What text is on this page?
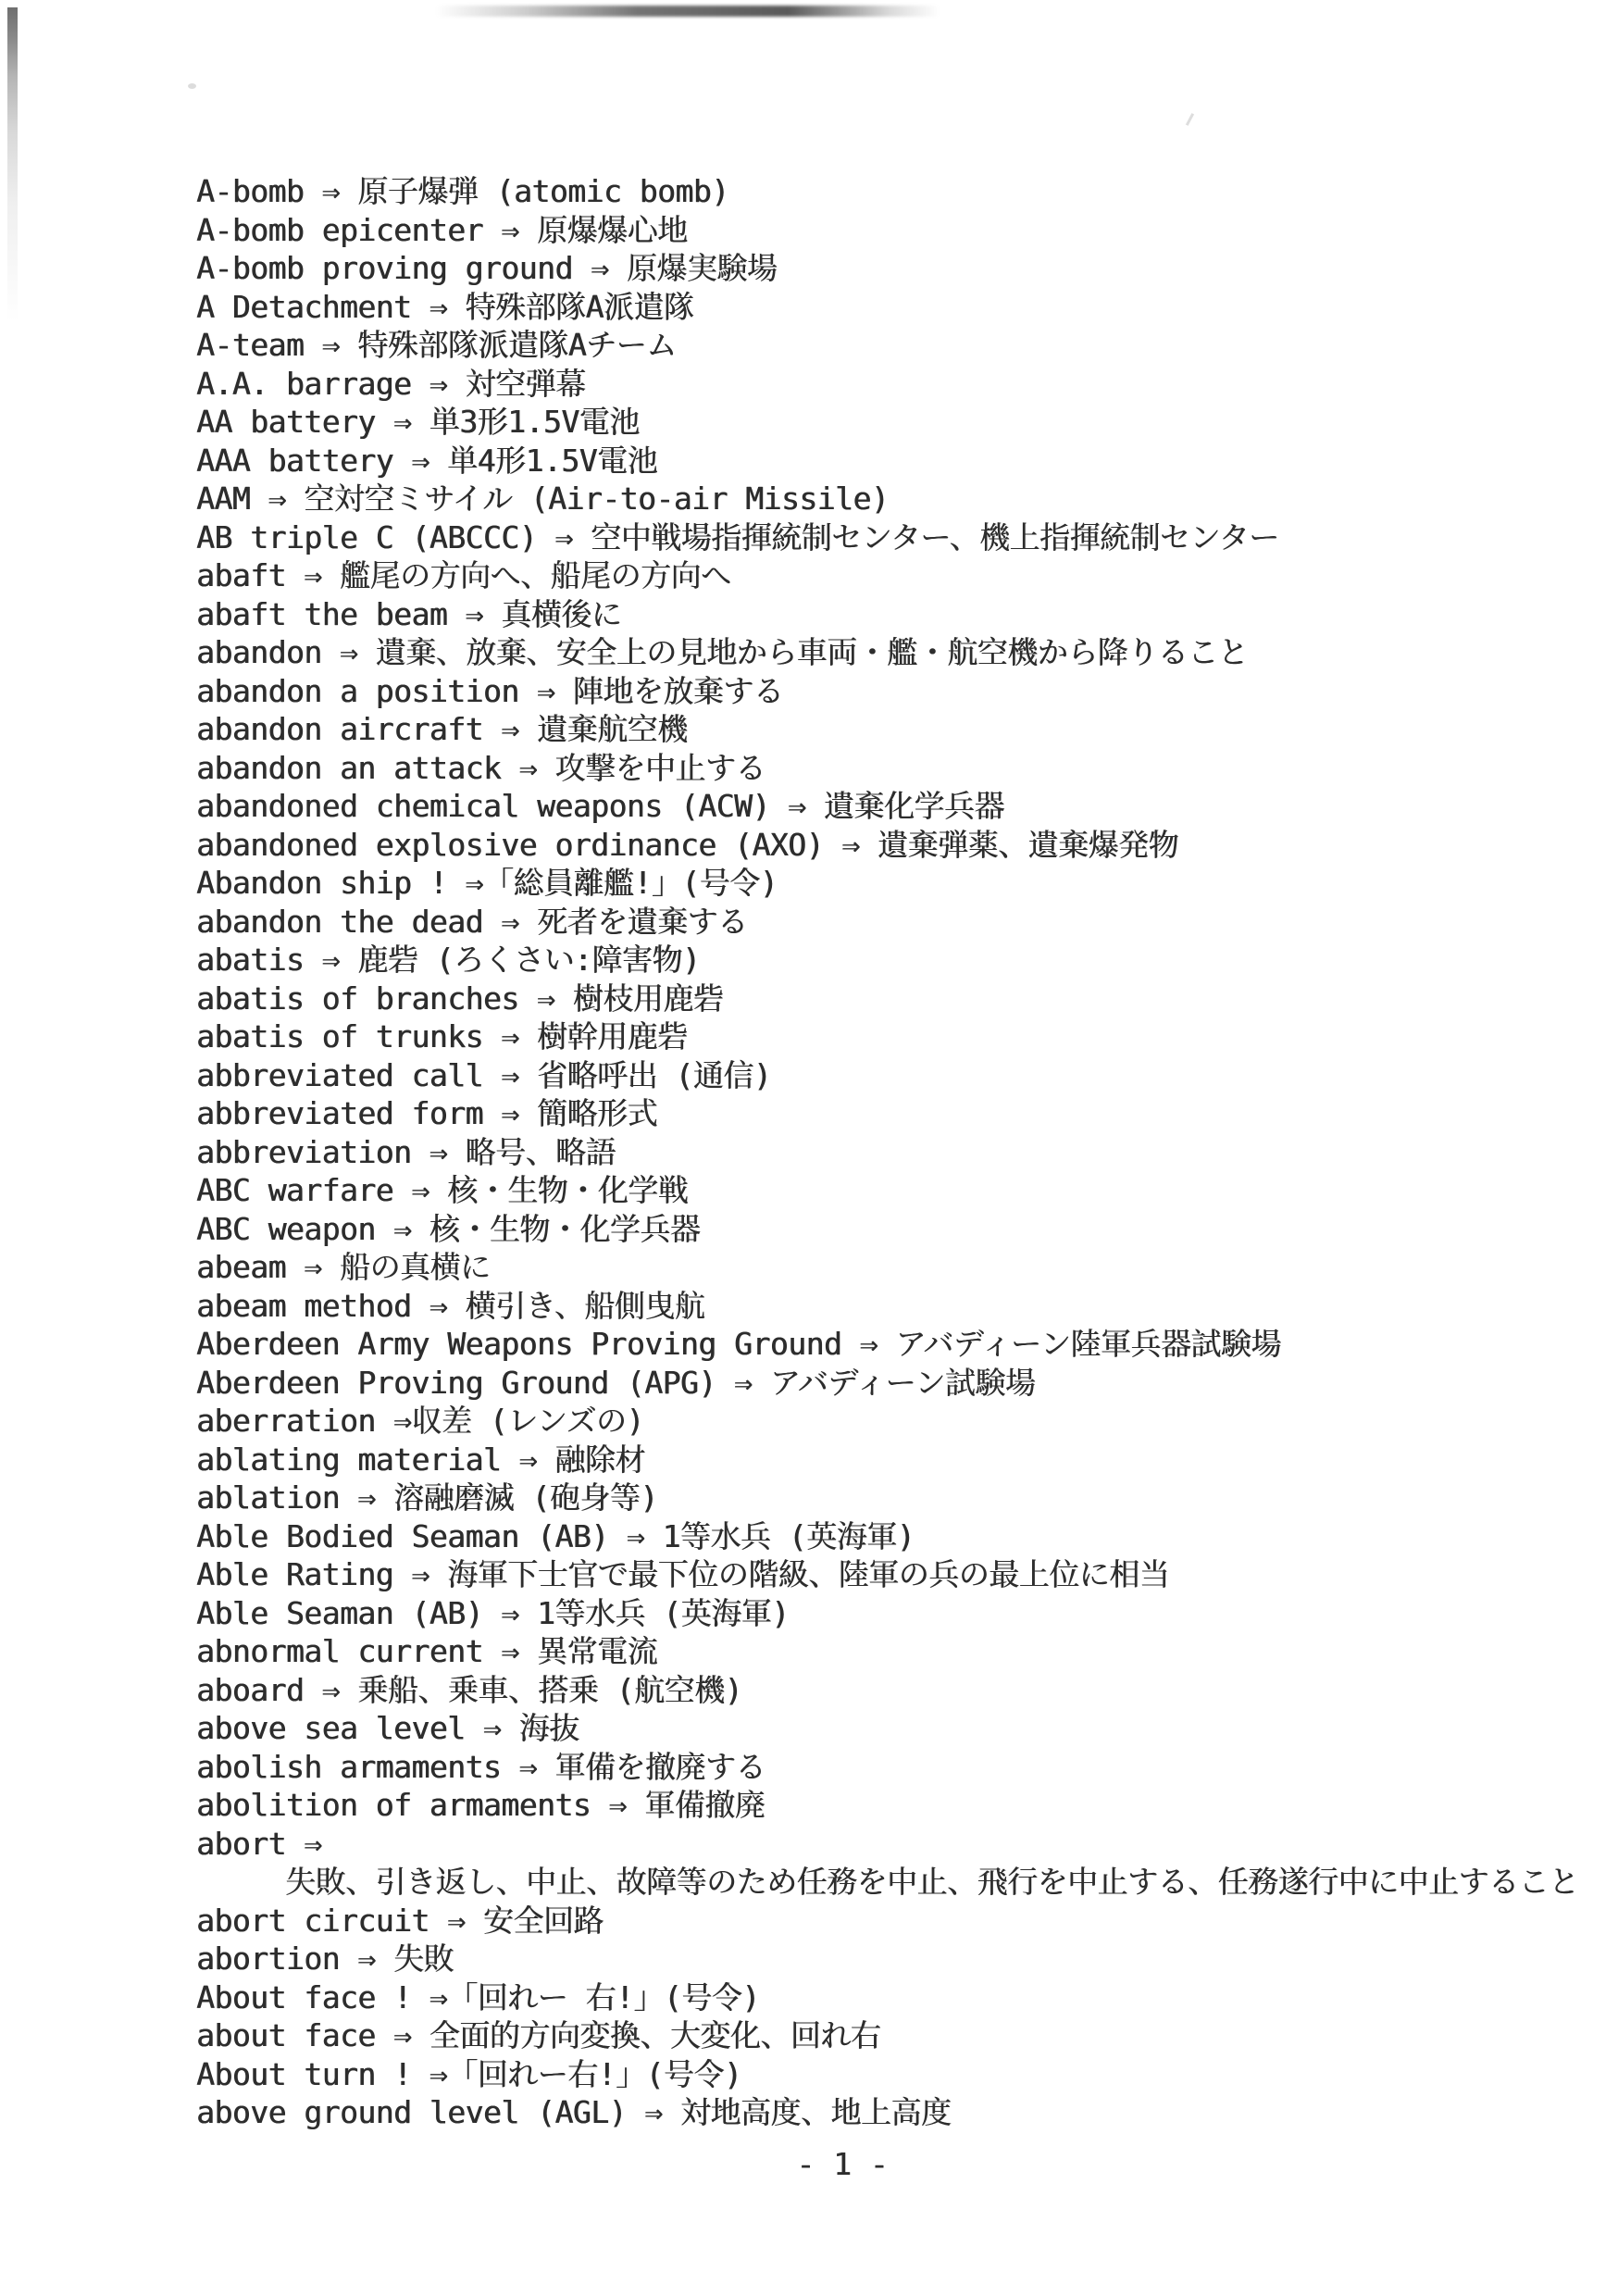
A-bomb ⇒ 原子爆弾 (atomic bomb)
A-bomb epicenter ⇒ 原爆爆心地
A-bomb proving ground ⇒ 原爆実験場
A Detachment ⇒ 特殊部隊A派遣隊
A-team ⇒ 特殊部隊派遣隊Aチーム
A.A. barrage ⇒ 対空弾幕
AA battery ⇒ 単3形1.5V電池
AAA battery ⇒ 単4形1.5V電池
AAM ⇒ 空対空ミサイル (Air-to-air Missile)
AB triple C (ABCCC) ⇒ 空中戦場指揮統制センター、機上指揮統制センター
abaft ⇒ 艦尾の方向へ、船尾の方向へ
abaft the beam ⇒ 真横後に
abandon ⇒ 遺棄、放棄、安全上の見地から車両・艦・航空機から降りること
abandon a position ⇒ 陣地を放棄する
abandon aircraft ⇒ 遺棄航空機
abandon an attack ⇒ 攻撃を中止する
abandoned chemical weapons (ACW) ⇒ 遺棄化学兵器
abandoned explosive ordinance (AXO) ⇒ 遺棄弾薬、遺棄爆発物
Abandon ship ! ⇒「総員離艦!」(号令)
abandon the dead ⇒ 死者を遺棄する
abatis ⇒ 鹿砦 (ろくさい:障害物)
abatis of branches ⇒ 樹枝用鹿砦
abatis of trunks ⇒ 樹幹用鹿砦
abbreviated call ⇒ 省略呼出 (通信)
abbreviated form ⇒ 簡略形式
abbreviation ⇒ 略号、略語
ABC warfare ⇒ 核・生物・化学戦
ABC weapon ⇒ 核・生物・化学兵器
abeam ⇒ 船の真横に
abeam method ⇒ 横引き、船側曳航
Aberdeen Army Weapons Proving Ground ⇒ アバディーン陸軍兵器試験場
Aberdeen Proving Ground (APG) ⇒ アバディーン試験場
aberration ⇒収差 (レンズの)
ablating material ⇒ 融除材
ablation ⇒ 溶融磨滅 (砲身等)
Able Bodied Seaman (AB) ⇒ 1等水兵 (英海軍)
Able Rating ⇒ 海軍下士官で最下位の階級、陸軍の兵の最上位に相当
Able Seaman (AB) ⇒ 1等水兵 (英海軍)
abnormal current ⇒ 異常電流
aboard ⇒ 乗船、乗車、搭乗 (航空機)
above sea level ⇒ 海抜
abolish armaments ⇒ 軍備を撤廃する
abolition of armaments ⇒ 軍備撤廃
abort ⇒
失敗、引き返し、中止、故障等のため任務を中止、飛行を中止する、任務遂行中に中止すること
abort circuit ⇒ 安全回路
abortion ⇒ 失敗
About face ! ⇒「回れー 右!」(号令)
about face ⇒ 全面的方向変換、大変化、回れ右
About turn ! ⇒「回れー右!」(号令)
above ground level (AGL) ⇒ 対地高度、地上高度
- 1 -
